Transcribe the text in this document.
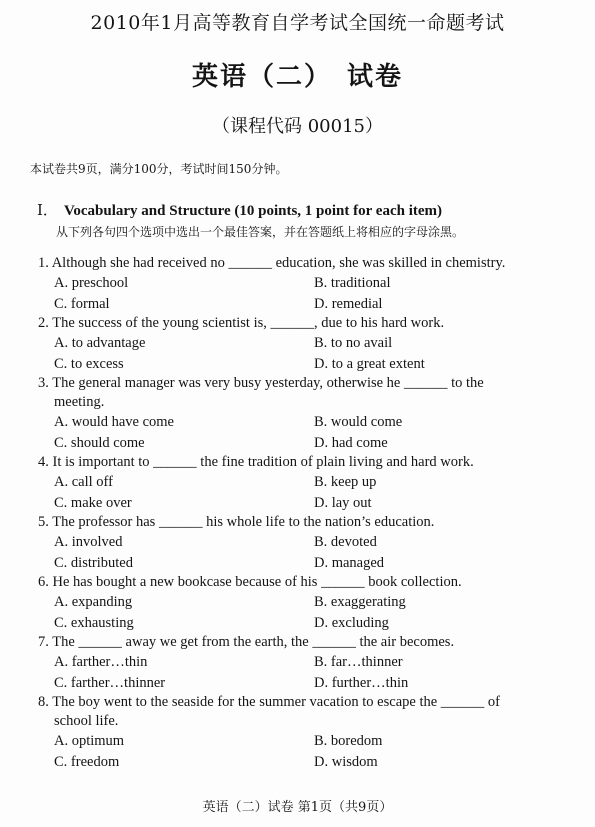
2010年1月高等教育自学考试全国统一命题考试
英语（二）　试卷
（课程代码 00015）
本试卷共9页，满分100分，考试时间150分钟。
I． Vocabulary and Structure (10 points, 1 point for each item)
从下列各句四个选项中选出一个最佳答案，并在答题纸上将相应的字母涂黑。
1. Although she had received no ______ education, she was skilled in chemistry.
A. preschool	B. traditional
C. formal	D. remedial
2. The success of the young scientist is, ______, due to his hard work.
A. to advantage	B. to no avail
C. to excess	D. to a great extent
3. The general manager was very busy yesterday, otherwise he ______ to the
meeting.
A. would have come	B. would come
C. should come	D. had come
4. It is important to ______ the fine tradition of plain living and hard work.
A. call off	B. keep up
C. make over	D. lay out
5. The professor has ______ his whole life to the nation’s education.
A. involved	B. devoted
C. distributed	D. managed
6. He has bought a new bookcase because of his ______ book collection.
A. expanding	B. exaggerating
C. exhausting	D. excluding
7. The ______ away we get from the earth, the ______ the air becomes.
A. farther…thin	B. far…thinner
C. farther…thinner	D. further…thin
8. The boy went to the seaside for the summer vacation to escape the ______ of
school life.
A. optimum	B. boredom
C. freedom	D. wisdom
英语（二）试卷 第1页（共9页）
